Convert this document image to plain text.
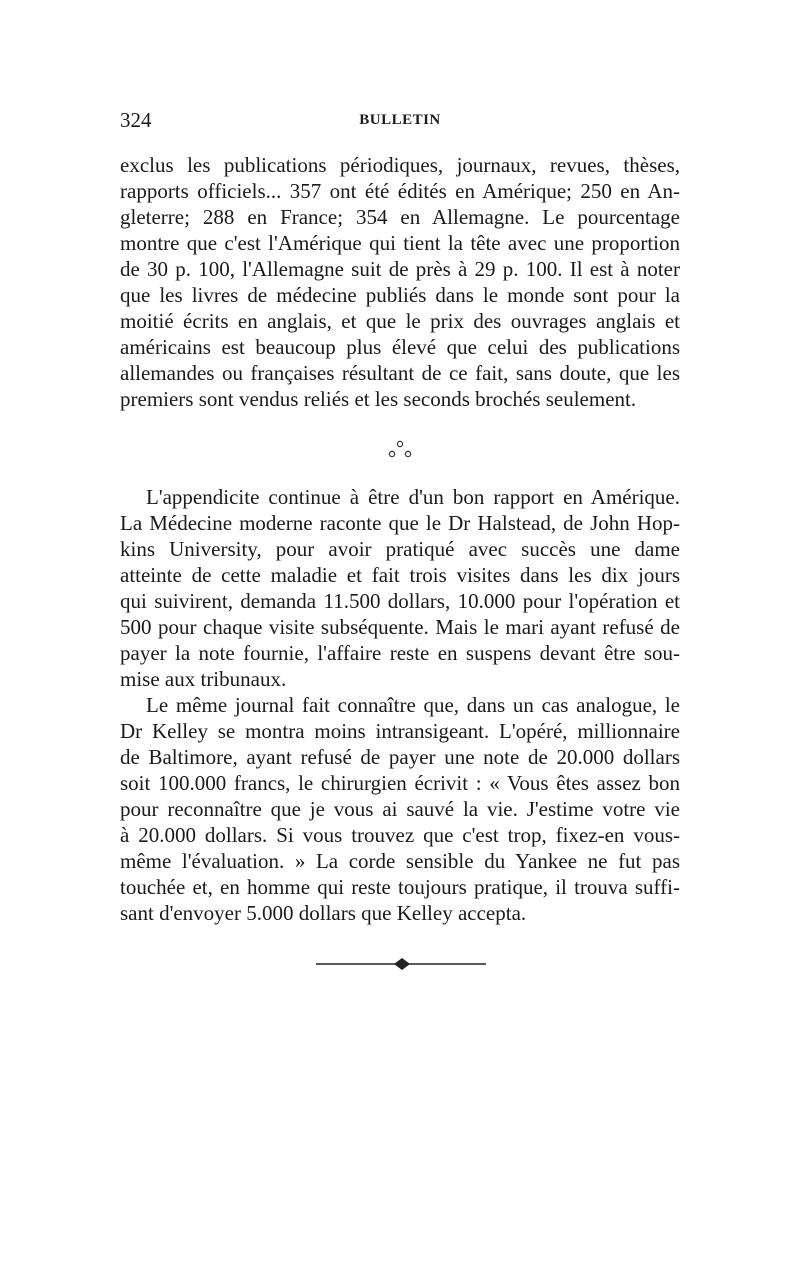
324	BULLETIN
exclus les publications périodiques, journaux, revues, thèses,
rapports officiels... 357 ont été édités en Amérique; 250 en An-
gleterre; 288 en France; 354 en Allemagne. Le pourcentage
montre que c'est l'Amérique qui tient la tête avec une proportion
de 30 p. 100, l'Allemagne suit de près à 29 p. 100. Il est à noter
que les livres de médecine publiés dans le monde sont pour la
moitié écrits en anglais, et que le prix des ouvrages anglais et
américains est beaucoup plus élevé que celui des publications
allemandes ou françaises résultant de ce fait, sans doute, que les
premiers sont vendus reliés et les seconds brochés seulement.
L'appendicite continue à être d'un bon rapport en Amérique.
La Médecine moderne raconte que le Dr Halstead, de John Hop-
kins University, pour avoir pratiqué avec succès une dame
atteinte de cette maladie et fait trois visites dans les dix jours
qui suivirent, demanda 11.500 dollars, 10.000 pour l'opération et
500 pour chaque visite subséquente. Mais le mari ayant refusé de
payer la note fournie, l'affaire reste en suspens devant être sou-
mise aux tribunaux.
Le même journal fait connaître que, dans un cas analogue, le
Dr Kelley se montra moins intransigeant. L'opéré, millionnaire
de Baltimore, ayant refusé de payer une note de 20.000 dollars
soit 100.000 francs, le chirurgien écrivit : « Vous êtes assez bon
pour reconnaître que je vous ai sauvé la vie. J'estime votre vie
à 20.000 dollars. Si vous trouvez que c'est trop, fixez-en vous-
même l'évaluation. » La corde sensible du Yankee ne fut pas
touchée et, en homme qui reste toujours pratique, il trouva suffi-
sant d'envoyer 5.000 dollars que Kelley accepta.
